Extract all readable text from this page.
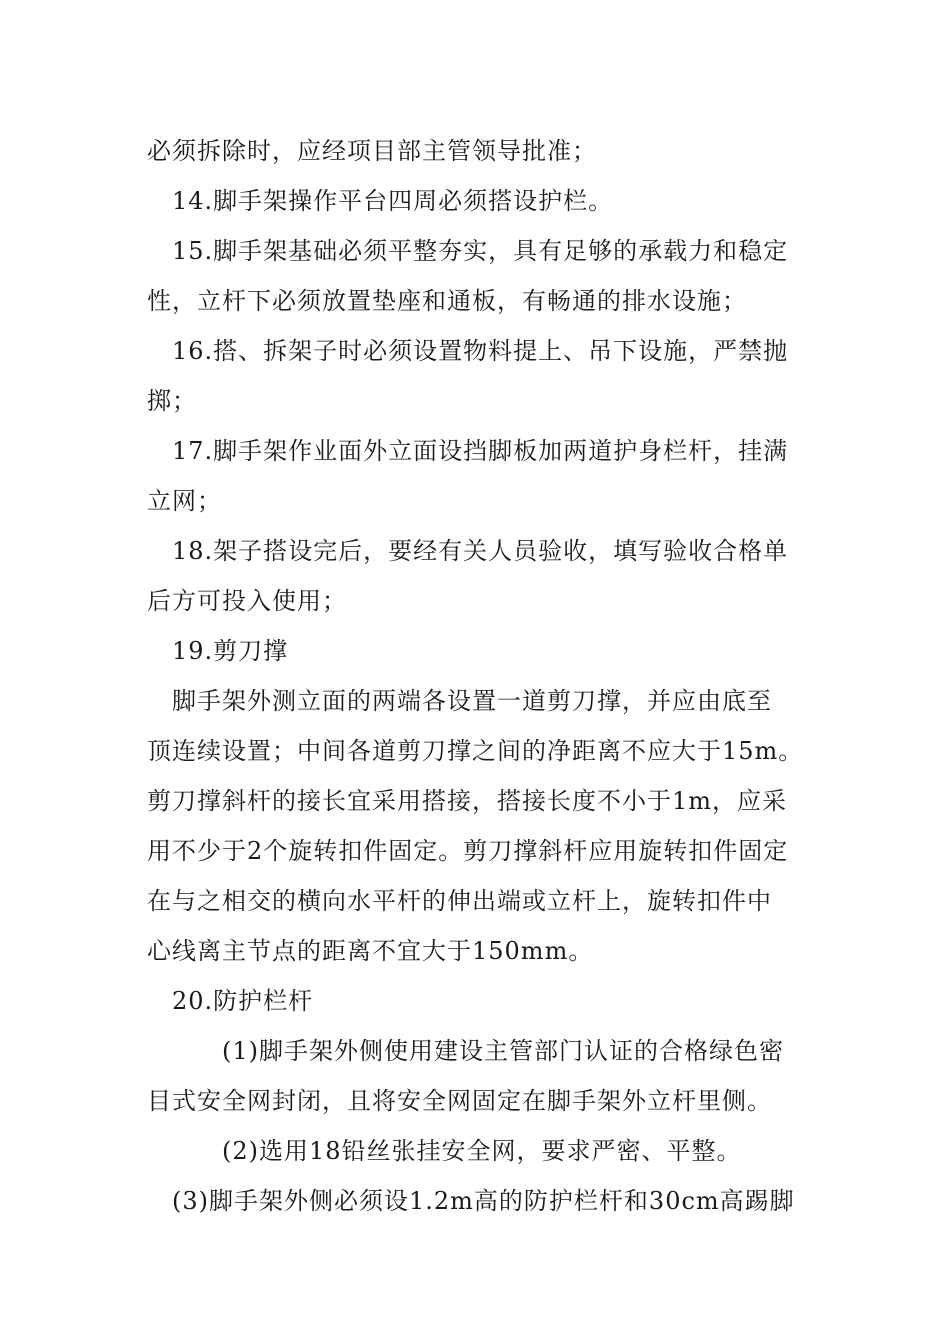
必须拆除时，应经项目部主管领导批准；
14.脚手架操作平台四周必须搭设护栏。
15.脚手架基础必须平整夯实，具有足够的承载力和稳定
性，立杆下必须放置垫座和通板，有畅通的排水设施；
16.搭、拆架子时必须设置物料提上、吊下设施，严禁抛
掷；
17.脚手架作业面外立面设挡脚板加两道护身栏杆，挂满
立网；
18.架子搭设完后，要经有关人员验收，填写验收合格单
后方可投入使用；
19.剪刀撑
脚手架外测立面的两端各设置一道剪刀撑，并应由底至
顶连续设置；中间各道剪刀撑之间的净距离不应大于15m。
剪刀撑斜杆的接长宜采用搭接，搭接长度不小于1m，应采
用不少于2个旋转扣件固定。剪刀撑斜杆应用旋转扣件固定
在与之相交的横向水平杆的伸出端或立杆上，旋转扣件中
心线离主节点的距离不宜大于150mm。
20.防护栏杆
(1)脚手架外侧使用建设主管部门认证的合格绿色密
目式安全网封闭，且将安全网固定在脚手架外立杆里侧。
(2)选用18铅丝张挂安全网，要求严密、平整。
(3)脚手架外侧必须设1.2m高的防护栏杆和30cm高踢脚
